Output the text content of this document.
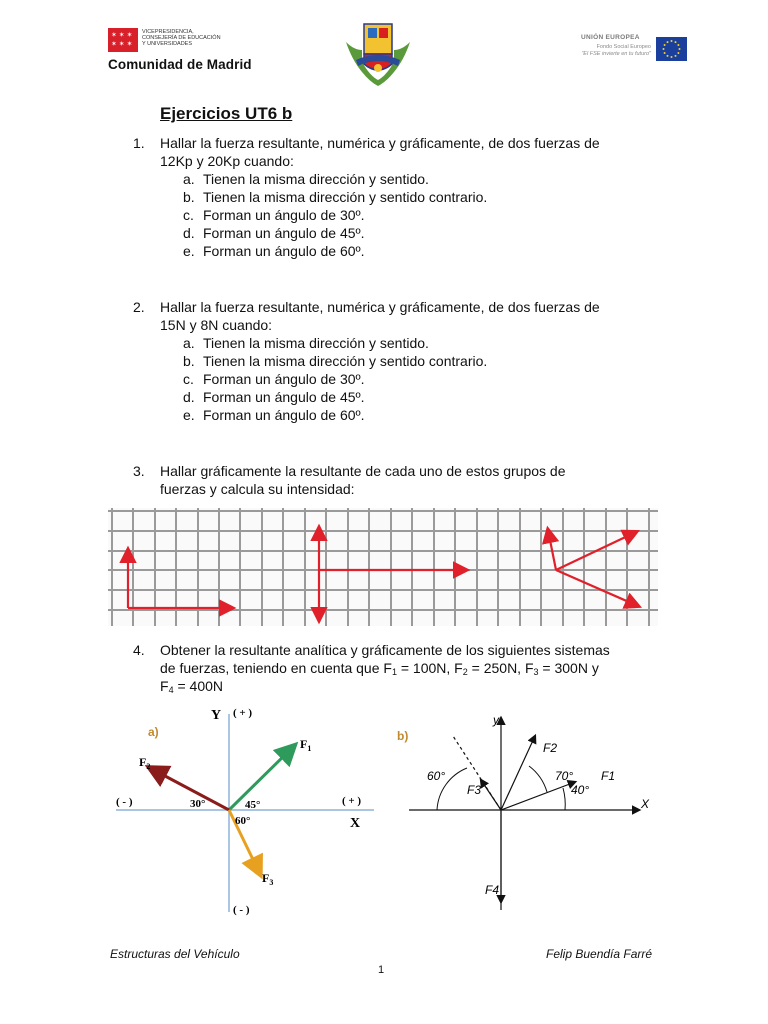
✶ ✶ ✶
✶ ✶ ✶
VICEPRESIDENCIA,
CONSEJERÍA DE EDUCACIÓN
Y UNIVERSIDADES
Comunidad de Madrid
UNIÓN EUROPEA
Fondo Social Europeo
"El FSE invierte en tu futuro"
Ejercicios UT6 b
1. Hallar la fuerza resultante, numérica y gráficamente, de dos fuerzas de
12Kp y 20Kp cuando:
a. Tienen la misma dirección y sentido.
b. Tienen la misma dirección y sentido contrario.
c. Forman un ángulo de 30º.
d. Forman un ángulo de 45º.
e. Forman un ángulo de 60º.
2. Hallar la fuerza resultante, numérica y gráficamente, de dos fuerzas de
15N y 8N cuando:
a. Tienen la misma dirección y sentido.
b. Tienen la misma dirección y sentido contrario.
c. Forman un ángulo de 30º.
d. Forman un ángulo de 45º.
e. Forman un ángulo de 60º.
3. Hallar gráficamente la resultante de cada uno de estos grupos de
fuerzas y calcula su intensidad:
4. Obtener la resultante analítica y gráficamente de los siguientes sistemas
de fuerzas, teniendo en cuenta que $F_1 = 100N$, $F_2 = 250N$, $F_3 = 300N$ y
$F_4 = 400N$
a)
Y ( + )
( - )
X
( + )
( - )
$F_1$
$F_2$
$F_3$
30°	45°
60°
b)
y
X
F1
F2
F3
F4
60°	70°
40°
Estructuras del Vehículo	Felip Buendía Farré
1
